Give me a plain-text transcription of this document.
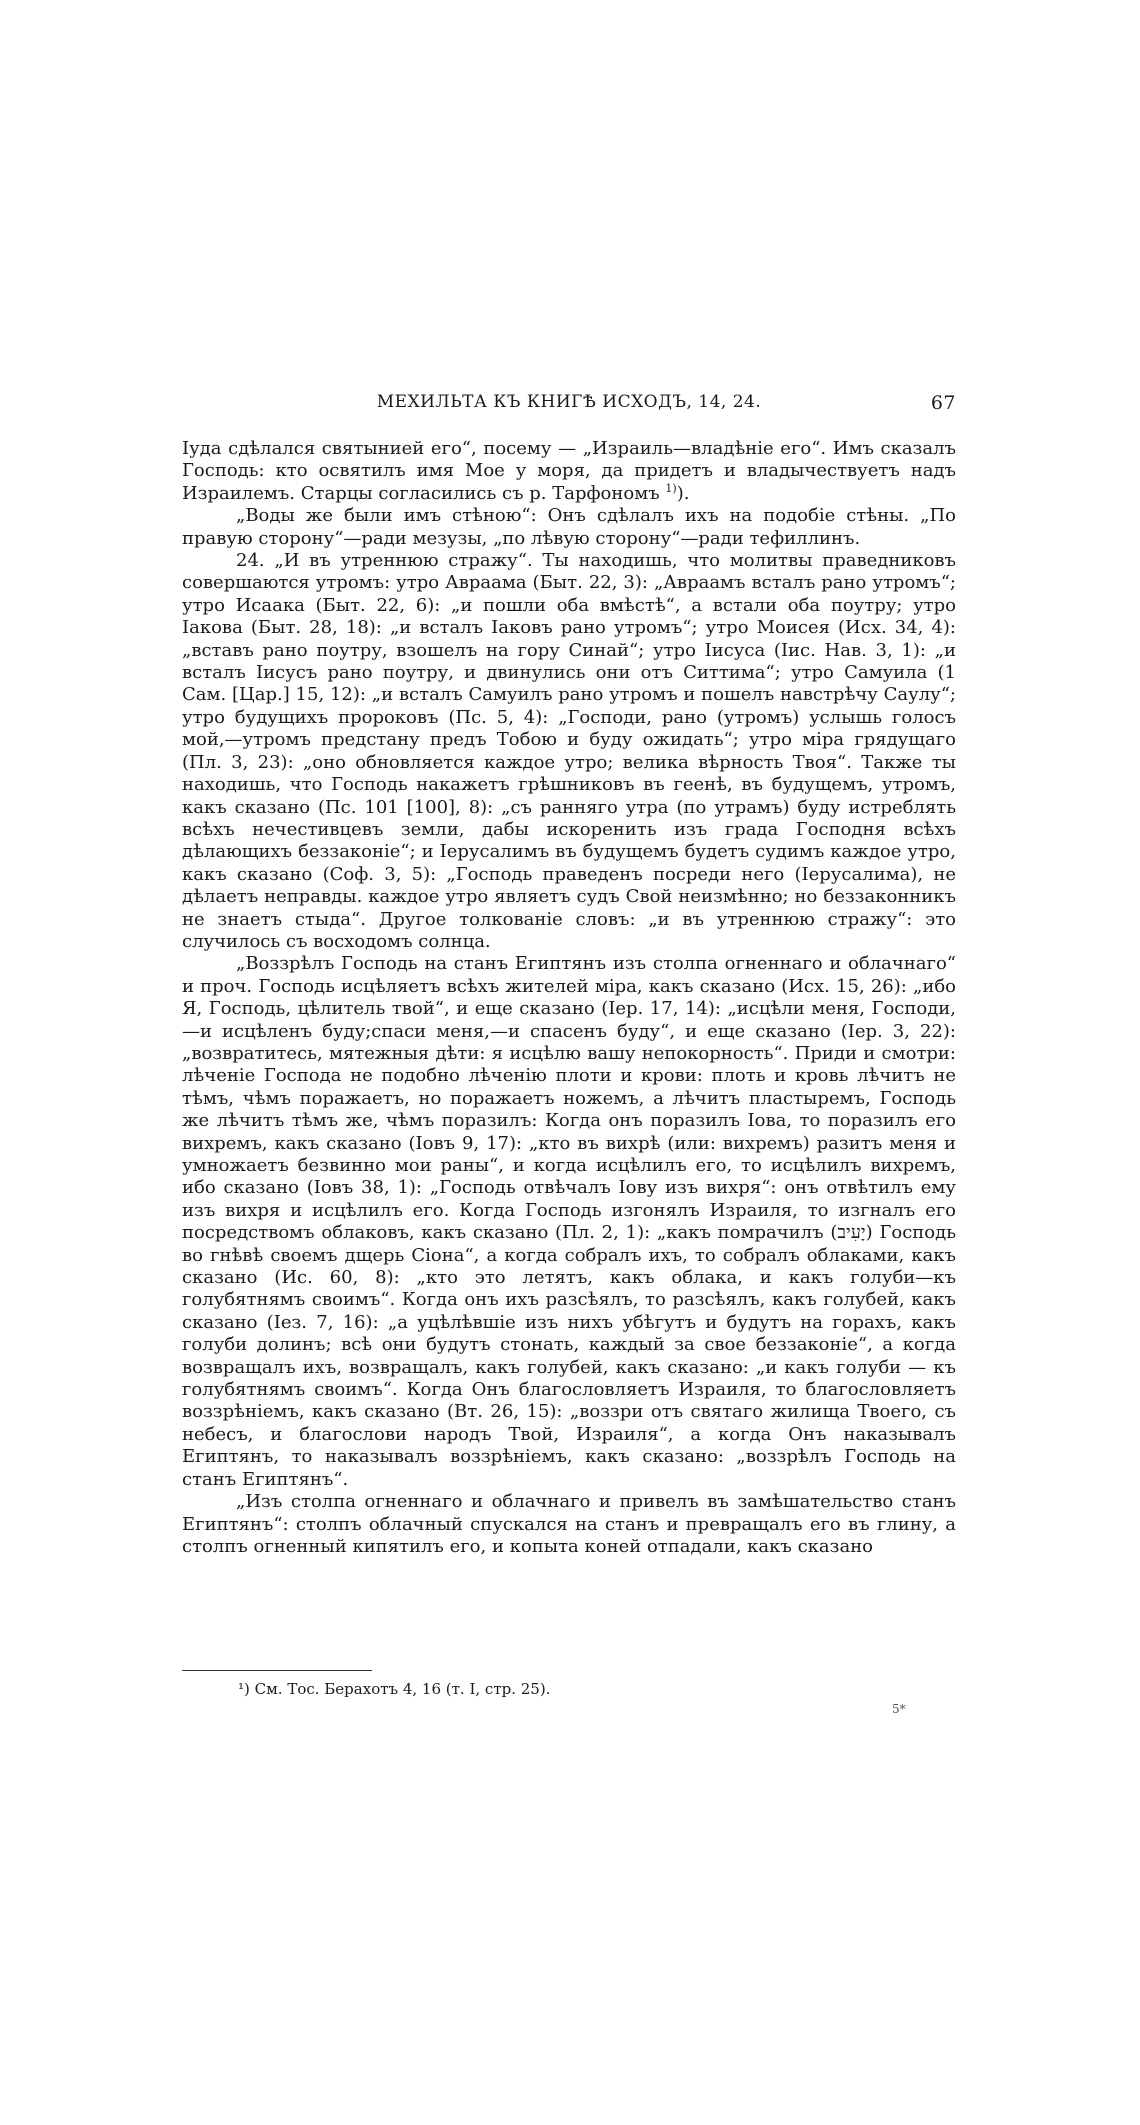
МЕХИЛЬТА КЪ КНИГѢ ИСХОДЪ, 14, 24.	67

Іуда сдѣлался святынией его“, посему — „Израиль—владѣніе его“. Имъ сказалъ Господь: кто освятилъ имя Мое у моря, да придетъ и владычествуетъ надъ Израилемъ. Старцы согласились съ р. Тарфономъ $^{1)}$).

„Воды же были имъ стѣною“: Онъ сдѣлалъ ихъ на подобіе стѣны. „По правую сторону“—ради мезузы, „по лѣвую сторону“—ради тефиллинъ.

24. „И въ утреннюю стражу“. Ты находишь, что молитвы праведниковъ совершаются утромъ: утро Авраама (Быт. 22, 3): „Авраамъ всталъ рано утромъ“; утро Исаака (Быт. 22, 6): „и пошли оба вмѣстѣ“, а встали оба поутру; утро Іакова (Быт. 28, 18): „и всталъ Іаковъ рано утромъ“; утро Моисея (Исх. 34, 4): „вставъ рано поутру, взошелъ на гору Синай“; утро Іисуса (Іис. Нав. 3, 1): „и всталъ Іисусъ рано поутру, и двинулись они отъ Ситтима“; утро Самуила (1 Сам. [Цар.] 15, 12): „и всталъ Самуилъ рано утромъ и пошелъ навстрѣчу Саулу“; утро будущихъ пророковъ (Пс. 5, 4): „Господи, рано (утромъ) услышь голосъ мой,—утромъ предстану предъ Тобою и буду ожидать“; утро міра грядущаго (Пл. 3, 23): „оно обновляется каждое утро; велика вѣрность Твоя“. Также ты находишь, что Господь накажетъ грѣшниковъ въ геенѣ, въ будущемъ, утромъ, какъ сказано (Пс. 101 [100], 8): „съ ранняго утра (по утрамъ) буду истреблять всѣхъ нечестивцевъ земли, дабы искоренить изъ града Господня всѣхъ дѣлающихъ беззаконіе“; и Іерусалимъ въ будущемъ будетъ судимъ каждое утро, какъ сказано (Соф. 3, 5): „Господь праведенъ посреди него (Іерусалима), не дѣлаетъ неправды. каждое утро являетъ судъ Свой неизмѣнно; но беззаконникъ не знаетъ стыда“. Другое толкованіе словъ: „и въ утреннюю стражу“: это случилось съ восходомъ солнца.

„Воззрѣлъ Господь на станъ Египтянъ изъ столпа огненнаго и облачнаго“ и проч. Господь исцѣляетъ всѣхъ жителей міра, какъ сказано (Исх. 15, 26): „ибо Я, Господь, цѣлитель твой“, и еще сказано (Іер. 17, 14): „исцѣли меня, Господи,—и исцѣленъ буду;спаси меня,—и спасенъ буду“, и еще сказано (Іер. 3, 22): „возвратитесь, мятежныя дѣти: я исцѣлю вашу непокорность“. Приди и смотри: лѣченіе Господа не подобно лѣченію плоти и крови: плоть и кровь лѣчитъ не тѣмъ, чѣмъ поражаетъ, но поражаетъ ножемъ, а лѣчитъ пластыремъ, Господь же лѣчитъ тѣмъ же, чѣмъ поразилъ: Когда онъ поразилъ Іова, то поразилъ его вихремъ, какъ сказано (Іовъ 9, 17): „кто въ вихрѣ (или: вихремъ) разитъ меня и умножаетъ безвинно мои раны“, и когда исцѣлилъ его, то исцѣлилъ вихремъ, ибо сказано (Іовъ 38, 1): „Господь отвѣчалъ Іову изъ вихря“: онъ отвѣтилъ ему изъ вихря и исцѣлилъ его. Когда Господь изгонялъ Израиля, то изгналъ его посредствомъ облаковъ, какъ сказано (Пл. 2, 1): „какъ помрачилъ (יָעִיב) Господь во гнѣвѣ своемъ дщерь Сіона“, а когда собралъ ихъ, то собралъ облаками, какъ сказано (Ис. 60, 8): „кто это летятъ, какъ облака, и какъ голуби—къ голубятнямъ своимъ“. Когда онъ ихъ разсѣялъ, то разсѣялъ, какъ голубей, какъ сказано (Іез. 7, 16): „а уцѣлѣвшіе изъ нихъ убѣгутъ и будутъ на горахъ, какъ голуби долинъ; всѣ они будутъ стонать, каждый за свое беззаконіе“, а когда возвращалъ ихъ, возвращалъ, какъ голубей, какъ сказано: „и какъ голуби — къ голубятнямъ своимъ“. Когда Онъ благословляетъ Израиля, то благословляетъ воззрѣніемъ, какъ сказано (Вт. 26, 15): „воззри отъ святаго жилища Твоего, съ небесъ, и благослови народъ Твой, Израиля“, а когда Онъ наказывалъ Египтянъ, то наказывалъ воззрѣніемъ, какъ сказано: „воззрѣлъ Господь на станъ Египтянъ“.

„Изъ столпа огненнаго и облачнаго и привелъ въ замѣшательство станъ Египтянъ“: столпъ облачный спускался на станъ и превращалъ его въ глину, а столпъ огненный кипятилъ его, и копыта коней отпадали, какъ сказано

¹) См. Тос. Берахотъ 4, 16 (т. I, стр. 25).
5*
